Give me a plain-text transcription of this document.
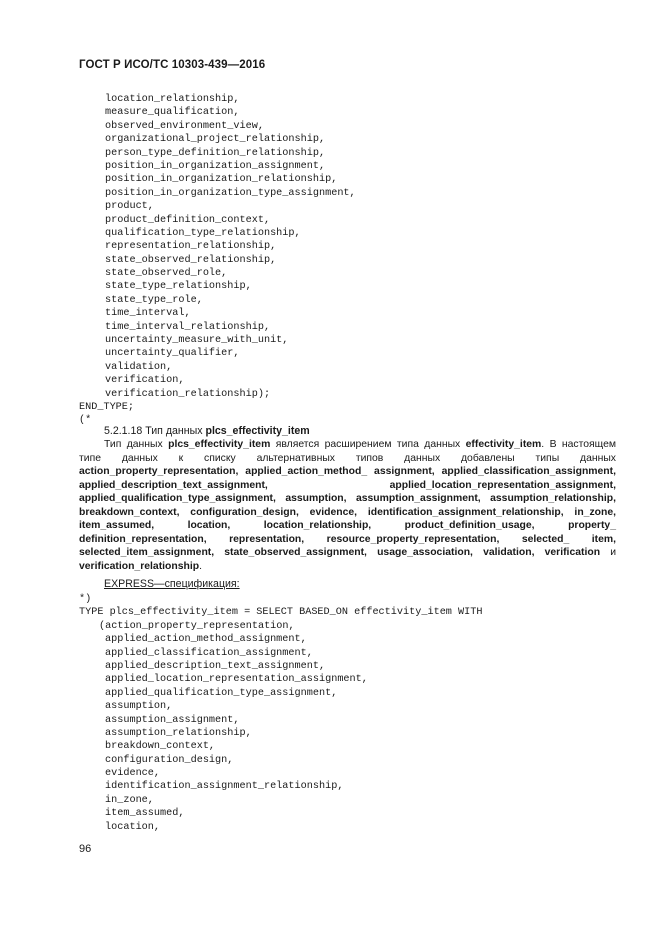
ГОСТ Р ИСО/ТС 10303-439—2016
location_relationship,
measure_qualification,
observed_environment_view,
organizational_project_relationship,
person_type_definition_relationship,
position_in_organization_assignment,
position_in_organization_relationship,
position_in_organization_type_assignment,
product,
product_definition_context,
qualification_type_relationship,
representation_relationship,
state_observed_relationship,
state_observed_role,
state_type_relationship,
state_type_role,
time_interval,
time_interval_relationship,
uncertainty_measure_with_unit,
uncertainty_qualifier,
validation,
verification,
verification_relationship);
END_TYPE;
(*
5.2.1.18 Тип данных plcs_effectivity_item
Тип данных plcs_effectivity_item является расширением типа данных effectivity_item. В настоящем типе данных к списку альтернативных типов данных добавлены типы данных action_property_representation, applied_action_method_ assignment, applied_classification_assignment, applied_description_text_assignment, applied_location_representation_assignment, applied_qualification_type_assignment, assumption, assumption_assignment, assumption_relationship, breakdown_context, configuration_design, evidence, identification_assignment_relationship, in_zone, item_assumed, location, location_relationship, product_definition_usage, property_ definition_representation, representation, resource_property_representation, selected_ item, selected_item_assignment, state_observed_assignment, usage_association, validation, verification и verification_relationship.
EXPRESS—спецификация:
*)
TYPE plcs_effectivity_item = SELECT BASED_ON effectivity_item WITH
(action_property_representation,
applied_action_method_assignment,
applied_classification_assignment,
applied_description_text_assignment,
applied_location_representation_assignment,
applied_qualification_type_assignment,
assumption,
assumption_assignment,
assumption_relationship,
breakdown_context,
configuration_design,
evidence,
identification_assignment_relationship,
in_zone,
item_assumed,
location,
96
